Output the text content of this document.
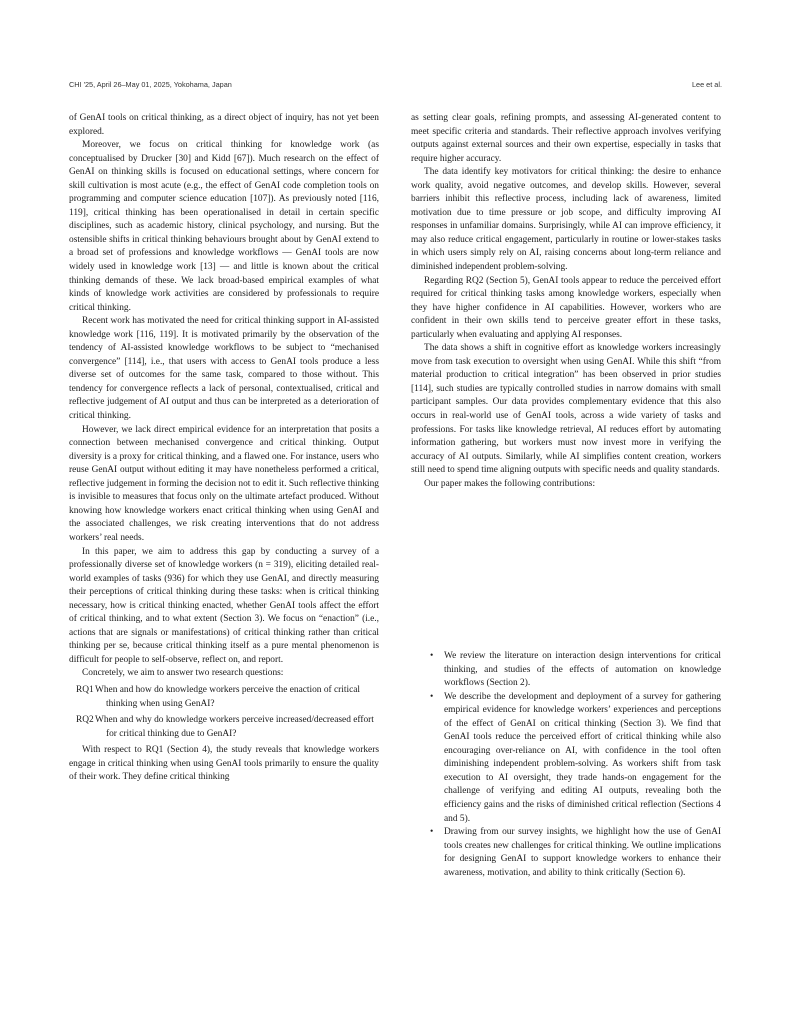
CHI '25, April 26–May 01, 2025, Yokohama, Japan	Lee et al.

of GenAI tools on critical thinking, as a direct object of inquiry, has not yet been explored.

Moreover, we focus on critical thinking for knowledge work (as conceptualised by Drucker [30] and Kidd [67]). Much research on the effect of GenAI on thinking skills is focused on educational settings, where concern for skill cultivation is most acute (e.g., the effect of GenAI code completion tools on programming and computer science education [107]). As previously noted [116, 119], critical thinking has been operationalised in detail in certain specific disciplines, such as academic history, clinical psychology, and nursing. But the ostensible shifts in critical thinking behaviours brought about by GenAI extend to a broad set of professions and knowledge workflows — GenAI tools are now widely used in knowledge work [13] — and little is known about the critical thinking demands of these. We lack broad-based empirical examples of what kinds of knowledge work activities are considered by professionals to require critical thinking.

Recent work has motivated the need for critical thinking support in AI-assisted knowledge work [116, 119]. It is motivated primarily by the observation of the tendency of AI-assisted knowledge workflows to be subject to “mechanised convergence” [114], i.e., that users with access to GenAI tools produce a less diverse set of outcomes for the same task, compared to those without. This tendency for convergence reflects a lack of personal, contextualised, critical and reflective judgement of AI output and thus can be interpreted as a deterioration of critical thinking.

However, we lack direct empirical evidence for an interpretation that posits a connection between mechanised convergence and critical thinking. Output diversity is a proxy for critical thinking, and a flawed one. For instance, users who reuse GenAI output without editing it may have nonetheless performed a critical, reflective judgement in forming the decision not to edit it. Such reflective thinking is invisible to measures that focus only on the ultimate artefact produced. Without knowing how knowledge workers enact critical thinking when using GenAI and the associated challenges, we risk creating interventions that do not address workers’ real needs.

In this paper, we aim to address this gap by conducting a survey of a professionally diverse set of knowledge workers (n = 319), eliciting detailed real-world examples of tasks (936) for which they use GenAI, and directly measuring their perceptions of critical thinking during these tasks: when is critical thinking necessary, how is critical thinking enacted, whether GenAI tools affect the effort of critical thinking, and to what extent (Section 3). We focus on “enaction” (i.e., actions that are signals or manifestations) of critical thinking rather than critical thinking per se, because critical thinking itself as a pure mental phenomenon is difficult for people to self-observe, reflect on, and report.

Concretely, we aim to answer two research questions:

RQ1 When and how do knowledge workers perceive the enaction of critical thinking when using GenAI?
RQ2 When and why do knowledge workers perceive increased/decreased effort for critical thinking due to GenAI?

With respect to RQ1 (Section 4), the study reveals that knowledge workers engage in critical thinking when using GenAI tools primarily to ensure the quality of their work. They define critical thinking

as setting clear goals, refining prompts, and assessing AI-generated content to meet specific criteria and standards. Their reflective approach involves verifying outputs against external sources and their own expertise, especially in tasks that require higher accuracy.

The data identify key motivators for critical thinking: the desire to enhance work quality, avoid negative outcomes, and develop skills. However, several barriers inhibit this reflective process, including lack of awareness, limited motivation due to time pressure or job scope, and difficulty improving AI responses in unfamiliar domains. Surprisingly, while AI can improve efficiency, it may also reduce critical engagement, particularly in routine or lower-stakes tasks in which users simply rely on AI, raising concerns about long-term reliance and diminished independent problem-solving.

Regarding RQ2 (Section 5), GenAI tools appear to reduce the perceived effort required for critical thinking tasks among knowledge workers, especially when they have higher confidence in AI capabilities. However, workers who are confident in their own skills tend to perceive greater effort in these tasks, particularly when evaluating and applying AI responses.

The data shows a shift in cognitive effort as knowledge workers increasingly move from task execution to oversight when using GenAI. While this shift “from material production to critical integration” has been observed in prior studies [114], such studies are typically controlled studies in narrow domains with small participant samples. Our data provides complementary evidence that this also occurs in real-world use of GenAI tools, across a wide variety of tasks and professions. For tasks like knowledge retrieval, AI reduces effort by automating information gathering, but workers must now invest more in verifying the accuracy of AI outputs. Similarly, while AI simplifies content creation, workers still need to spend time aligning outputs with specific needs and quality standards.

Our paper makes the following contributions:

• We review the literature on interaction design interventions for critical thinking, and studies of the effects of automation on knowledge workflows (Section 2).
• We describe the development and deployment of a survey for gathering empirical evidence for knowledge workers’ experiences and perceptions of the effect of GenAI on critical thinking (Section 3). We find that GenAI tools reduce the perceived effort of critical thinking while also encouraging over-reliance on AI, with confidence in the tool often diminishing independent problem-solving. As workers shift from task execution to AI oversight, they trade hands-on engagement for the challenge of verifying and editing AI outputs, revealing both the efficiency gains and the risks of diminished critical reflection (Sections 4 and 5).
• Drawing from our survey insights, we highlight how the use of GenAI tools creates new challenges for critical thinking. We outline implications for designing GenAI to support knowledge workers to enhance their awareness, motivation, and ability to think critically (Section 6).
